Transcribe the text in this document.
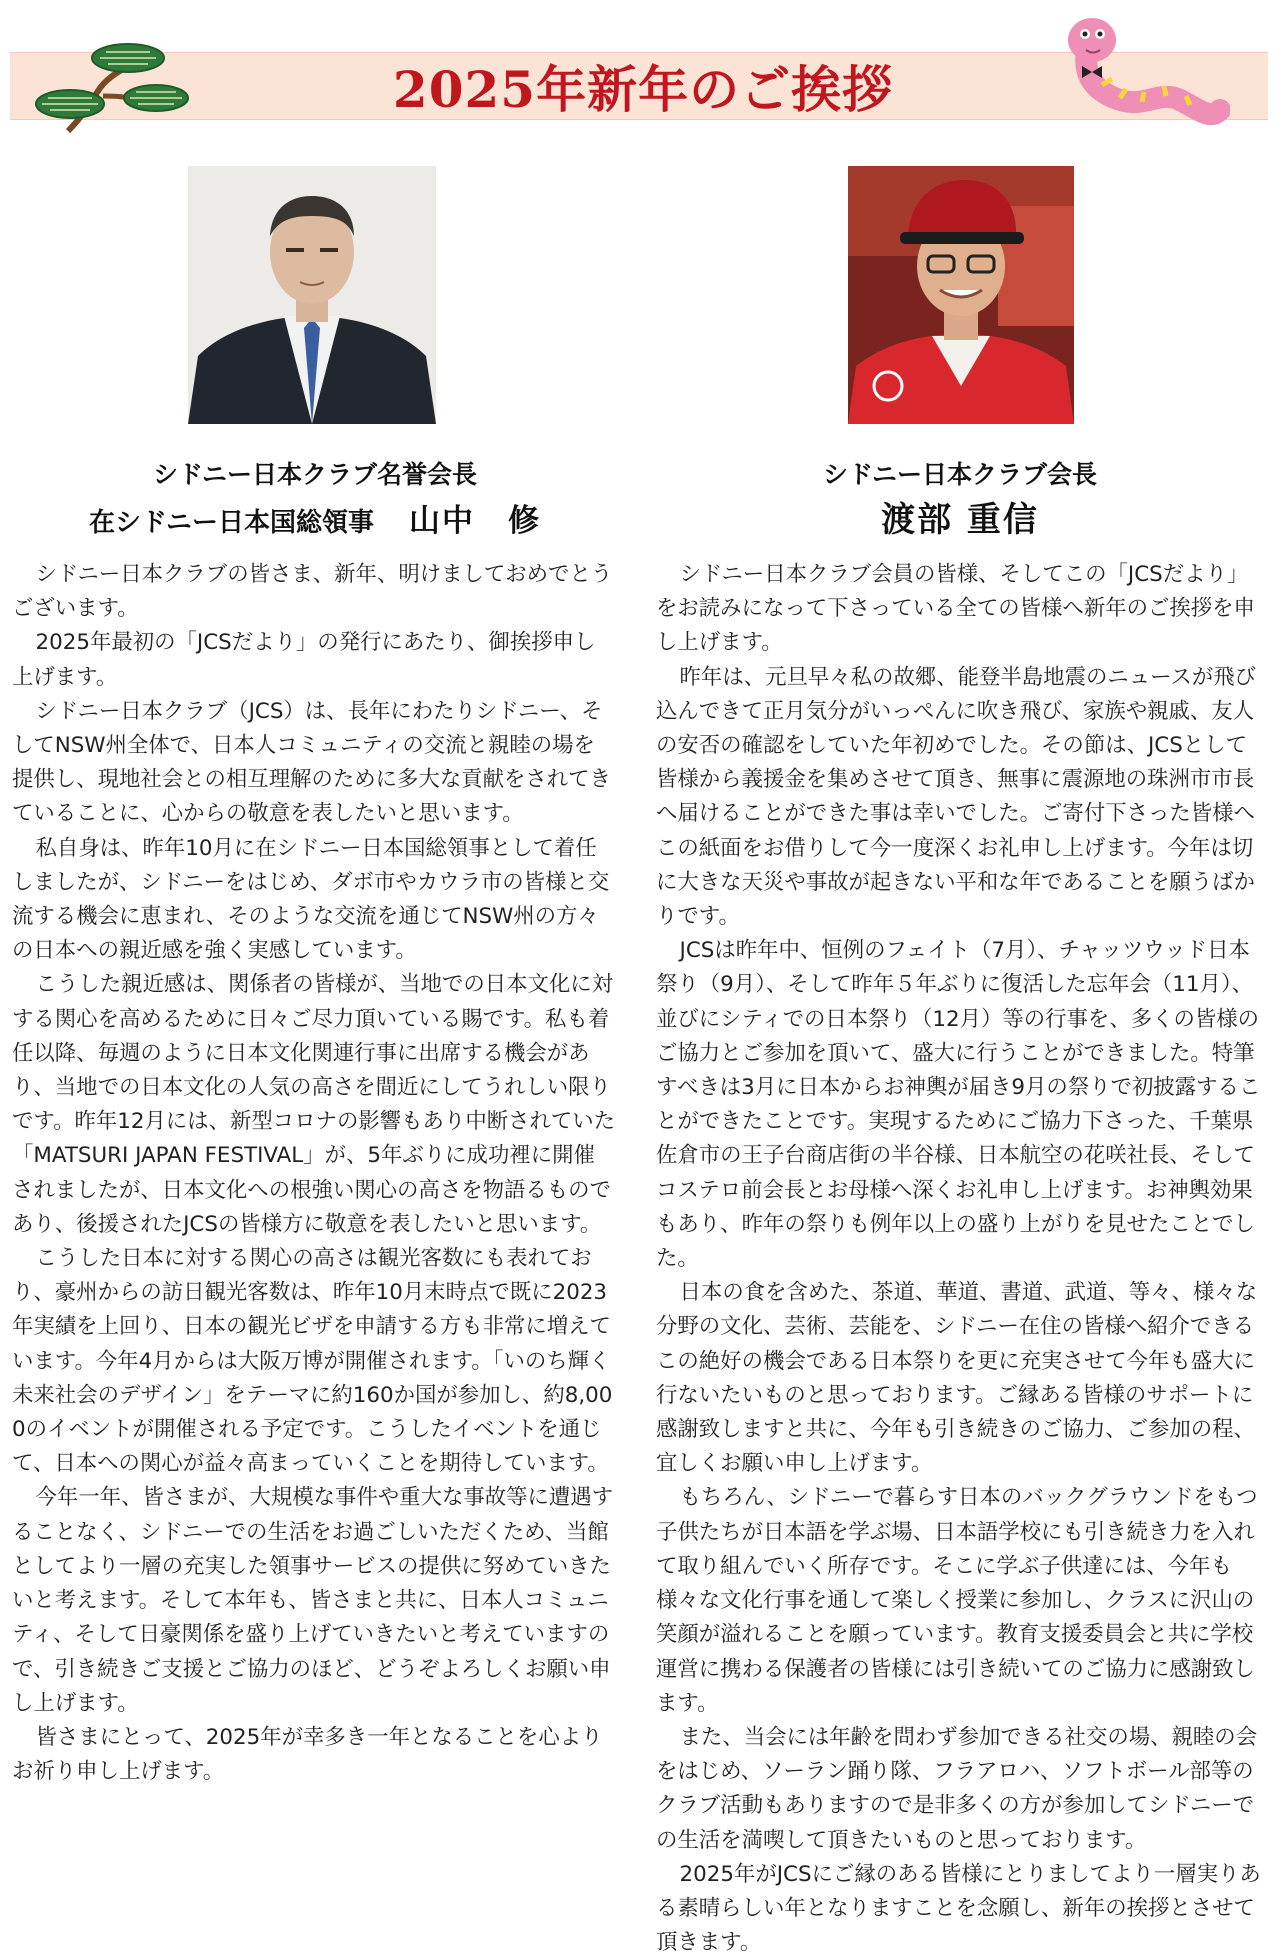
2025年新年のご挨拶
シドニー日本クラブ名誉会長
在シドニー日本国総領事　 山中　修
シドニー日本クラブ会長
渡部 重信

シドニー日本クラブの皆さま、新年、明けましておめでとうございます。

2025年最初の「JCSだより」の発行にあたり、御挨拶申し上げます。

シドニー日本クラブ（JCS）は、長年にわたりシドニー、そしてNSW州全体で、日本人コミュニティの交流と親睦の場を提供し、現地社会との相互理解のために多大な貢献をされてきていることに、心からの敬意を表したいと思います。

私自身は、昨年10月に在シドニー日本国総領事として着任しましたが、シドニーをはじめ、ダボ市やカウラ市の皆様と交流する機会に恵まれ、そのような交流を通じてNSW州の方々の日本への親近感を強く実感しています。

こうした親近感は、関係者の皆様が、当地での日本文化に対する関心を高めるために日々ご尽力頂いている賜です。私も着任以降、毎週のように日本文化関連行事に出席する機会があり、当地での日本文化の人気の高さを間近にしてうれしい限りです。昨年12月には、新型コロナの影響もあり中断されていた「MATSURI JAPAN FESTIVAL」が、5年ぶりに成功裡に開催されましたが、日本文化への根強い関心の高さを物語るものであり、後援されたJCSの皆様方に敬意を表したいと思います。

こうした日本に対する関心の高さは観光客数にも表れており、豪州からの訪日観光客数は、昨年10月末時点で既に2023年実績を上回り、日本の観光ビザを申請する方も非常に増えています。今年4月からは大阪万博が開催されます。「いのち輝く未来社会のデザイン」をテーマに約160か国が参加し、約8,000のイベントが開催される予定です。こうしたイベントを通じて、日本への関心が益々高まっていくことを期待しています。

今年一年、皆さまが、大規模な事件や重大な事故等に遭遇することなく、シドニーでの生活をお過ごしいただくため、当館としてより一層の充実した領事サービスの提供に努めていきたいと考えます。そして本年も、皆さまと共に、日本人コミュニティ、そして日豪関係を盛り上げていきたいと考えていますので、引き続きご支援とご協力のほど、どうぞよろしくお願い申し上げます。

皆さまにとって、2025年が幸多き一年となることを心よりお祈り申し上げます。

シドニー日本クラブ会員の皆様、そしてこの「JCSだより」をお読みになって下さっている全ての皆様へ新年のご挨拶を申し上げます。

昨年は、元旦早々私の故郷、能登半島地震のニュースが飛び込んできて正月気分がいっぺんに吹き飛び、家族や親戚、友人の安否の確認をしていた年初めでした。その節は、JCSとして皆様から義援金を集めさせて頂き、無事に震源地の珠洲市市長へ届けることができた事は幸いでした。ご寄付下さった皆様へこの紙面をお借りして今一度深くお礼申し上げます。今年は切に大きな天災や事故が起きない平和な年であることを願うばかりです。

JCSは昨年中、恒例のフェイト（7月）、チャッツウッド日本祭り（9月）、そして昨年５年ぶりに復活した忘年会（11月）、並びにシティでの日本祭り（12月）等の行事を、多くの皆様のご協力とご参加を頂いて、盛大に行うことができました。特筆すべきは3月に日本からお神輿が届き9月の祭りで初披露することができたことです。実現するためにご協力下さった、千葉県佐倉市の王子台商店街の半谷様、日本航空の花咲社長、そしてコステロ前会長とお母様へ深くお礼申し上げます。お神輿効果もあり、昨年の祭りも例年以上の盛り上がりを見せたことでした。

日本の食を含めた、茶道、華道、書道、武道、等々、様々な分野の文化、芸術、芸能を、シドニー在住の皆様へ紹介できるこの絶好の機会である日本祭りを更に充実させて今年も盛大に行ないたいものと思っております。ご縁ある皆様のサポートに感謝致しますと共に、今年も引き続きのご協力、ご参加の程、宜しくお願い申し上げます。

もちろん、シドニーで暮らす日本のバックグラウンドをもつ子供たちが日本語を学ぶ場、日本語学校にも引き続き力を入れて取り組んでいく所存です。そこに学ぶ子供達には、今年も様々な文化行事を通して楽しく授業に参加し、クラスに沢山の笑顔が溢れることを願っています。教育支援委員会と共に学校運営に携わる保護者の皆様には引き続いてのご協力に感謝致します。

また、当会には年齢を問わず参加できる社交の場、親睦の会をはじめ、ソーラン踊り隊、フラアロハ、ソフトボール部等のクラブ活動もありますので是非多くの方が参加してシドニーでの生活を満喫して頂きたいものと思っております。

2025年がJCSにご縁のある皆様にとりましてより一層実りある素晴らしい年となりますことを念願し、新年の挨拶とさせて頂きます。
